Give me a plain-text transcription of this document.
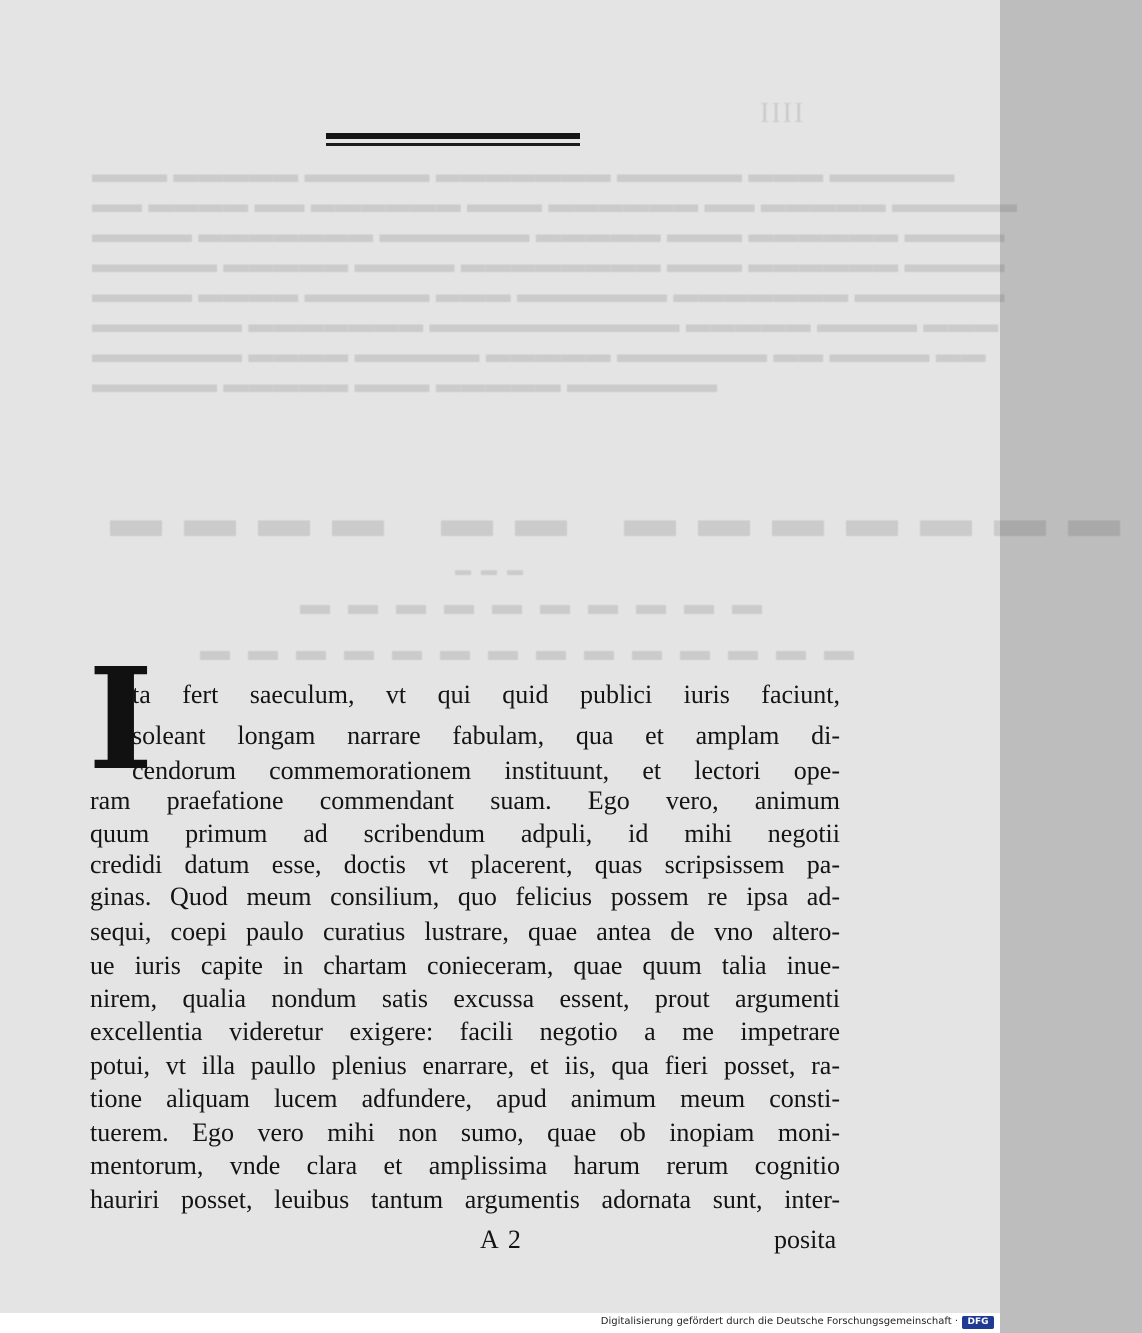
IIII
▬▬▬ ▬▬▬▬▬ ▬▬▬▬▬ ▬▬▬▬▬▬▬ ▬▬▬▬▬ ▬▬▬ ▬▬▬▬▬
▬▬ ▬▬▬▬ ▬▬ ▬▬▬▬▬▬ ▬▬▬ ▬▬▬▬▬▬ ▬▬ ▬▬▬▬▬ ▬▬▬▬▬
▬▬▬▬ ▬▬▬▬▬▬▬ ▬▬▬▬▬▬ ▬▬▬▬▬ ▬▬▬ ▬▬▬▬▬▬ ▬▬▬▬
▬▬▬▬▬ ▬▬▬▬▬ ▬▬▬▬ ▬▬▬▬▬▬▬▬ ▬▬▬ ▬▬▬▬▬▬ ▬▬▬▬
▬▬▬▬ ▬▬▬▬ ▬▬▬▬▬ ▬▬▬ ▬▬▬▬▬▬ ▬▬▬▬▬▬▬ ▬▬▬▬▬▬
▬▬▬▬▬▬ ▬▬▬▬▬▬▬ ▬▬▬▬▬▬▬▬▬▬ ▬▬▬▬▬ ▬▬▬▬ ▬▬▬
▬▬▬▬▬▬ ▬▬▬▬ ▬▬▬▬▬ ▬▬▬▬▬ ▬▬▬▬▬▬ ▬▬ ▬▬▬▬ ▬▬
▬▬▬▬▬ ▬▬▬▬▬ ▬▬▬ ▬▬▬▬▬ ▬▬▬▬▬▬
▬▬▬▬ ▬▬ ▬▬▬▬▬▬▬
▬▬▬
▬▬▬▬▬▬▬▬▬▬
▬▬▬▬▬▬▬▬▬▬▬▬▬▬
I
ta fert saeculum, vt qui quid publici iuris faciunt,
soleant longam narrare fabulam, qua et amplam di-
cendorum commemorationem instituunt, et lectori ope-
ram praefatione commendant suam. Ego vero, animum
quum primum ad scribendum adpuli, id mihi negotii
credidi datum esse, doctis vt placerent, quas scripsissem pa-
ginas. Quod meum consilium, quo felicius possem re ipsa ad-
sequi, coepi paulo curatius lustrare, quae antea de vno altero-
ue iuris capite in chartam conieceram, quae quum talia inue-
nirem, qualia nondum satis excussa essent, prout argumenti
excellentia videretur exigere: facili negotio a me impetrare
potui, vt illa paullo plenius enarrare, et iis, qua fieri posset, ra-
tione aliquam lucem adfundere, apud animum meum consti-
tuerem. Ego vero mihi non sumo, quae ob inopiam moni-
mentorum, vnde clara et amplissima harum rerum cognitio
hauriri posset, leuibus tantum argumentis adornata sunt, inter-
A 2	posita
Digitalisierung gefördert durch die Deutsche Forschungsgemeinschaft ·	DFG
